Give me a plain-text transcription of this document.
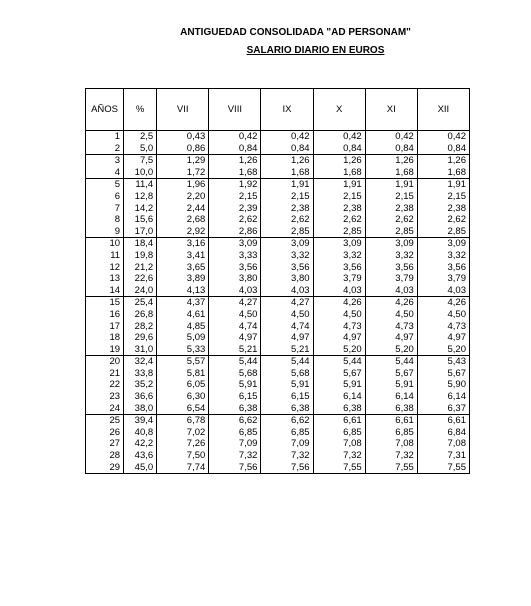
ANTIGUEDAD CONSOLIDADA "AD PERSONAM"
SALARIO DIARIO EN EUROS
AÑOS	%	VII	VIII	IX	X	XI	XII
1	2,5	0,43	0,42	0,42	0,42	0,42	0,42
2	5,0	0,86	0,84	0,84	0,84	0,84	0,84
3	7,5	1,29	1,26	1,26	1,26	1,26	1,26
4	10,0	1,72	1,68	1,68	1,68	1,68	1,68
5	11,4	1,96	1,92	1,91	1,91	1,91	1,91
6	12,8	2,20	2,15	2,15	2,15	2,15	2,15
7	14,2	2,44	2,39	2,38	2,38	2,38	2,38
8	15,6	2,68	2,62	2,62	2,62	2,62	2,62
9	17,0	2,92	2,86	2,85	2,85	2,85	2,85
10	18,4	3,16	3,09	3,09	3,09	3,09	3,09
11	19,8	3,41	3,33	3,32	3,32	3,32	3,32
12	21,2	3,65	3,56	3,56	3,56	3,56	3,56
13	22,6	3,89	3,80	3,80	3,79	3,79	3,79
14	24,0	4,13	4,03	4,03	4,03	4,03	4,03
15	25,4	4,37	4,27	4,27	4,26	4,26	4,26
16	26,8	4,61	4,50	4,50	4,50	4,50	4,50
17	28,2	4,85	4,74	4,74	4,73	4,73	4,73
18	29,6	5,09	4,97	4,97	4,97	4,97	4,97
19	31,0	5,33	5,21	5,21	5,20	5,20	5,20
20	32,4	5,57	5,44	5,44	5,44	5,44	5,43
21	33,8	5,81	5,68	5,68	5,67	5,67	5,67
22	35,2	6,05	5,91	5,91	5,91	5,91	5,90
23	36,6	6,30	6,15	6,15	6,14	6,14	6,14
24	38,0	6,54	6,38	6,38	6,38	6,38	6,37
25	39,4	6,78	6,62	6,62	6,61	6,61	6,61
26	40,8	7,02	6,85	6,85	6,85	6,85	6,84
27	42,2	7,26	7,09	7,09	7,08	7,08	7,08
28	43,6	7,50	7,32	7,32	7,32	7,32	7,31
29	45,0	7,74	7,56	7,56	7,55	7,55	7,55
